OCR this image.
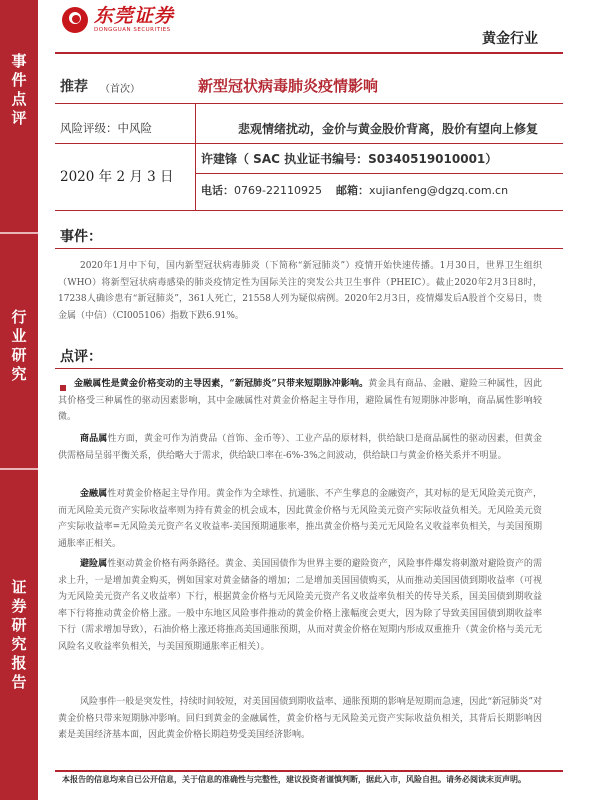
事
件
点
评
行
业
研
究
证
券
研
究
报
告
东莞证券
DONGGUAN SECURITIES
黄金行业
推荐 （首次）	新型冠状病毒肺炎疫情影响
风险评级：中风险	悲观情绪扰动，金价与黄金股价背离，股价有望向上修复
2020 年 2 月 3 日
许建锋（ SAC 执业证书编号：S0340519010001）
电话：0769-22110925 邮箱：xujianfeng@dgzq.com.cn
事件：
2020年1月中下旬，国内新型冠状病毒肺炎（下简称“新冠肺炎”）疫情开始快速传播。1月30日，世界卫生组织（WHO）将新型冠状病毒感染的肺炎疫情定性为国际关注的突发公共卫生事件（PHEIC）。截止2020年2月3日8时，17238人确诊患有“新冠肺炎”，361人死亡，21558人列为疑似病例。2020年2月3日，疫情爆发后A股首个交易日，贵金属（中信）（CI005106）指数下跌6.91%。
点评：
金融属性是黄金价格变动的主导因素，“新冠肺炎”只带来短期脉冲影响。黄金具有商品、金融、避险三种属性，因此其价格受三种属性的驱动因素影响，其中金融属性对黄金价格起主导作用，避险属性有短期脉冲影响，商品属性影响较微。
商品属性方面，黄金可作为消费品（首饰、金币等）、工业产品的原材料，供给缺口是商品属性的驱动因素，但黄金供需格局呈弱平衡关系，供给略大于需求，供给缺口率在-6%-3%之间波动，供给缺口与黄金价格关系并不明显。
金融属性对黄金价格起主导作用。黄金作为全球性、抗通胀、不产生孳息的金融资产，其对标的是无风险美元资产，而无风险美元资产实际收益率则为持有黄金的机会成本，因此黄金价格与无风险美元资产实际收益负相关。无风险美元资产实际收益率=无风险美元资产名义收益率-美国预期通胀率，推出黄金价格与美元无风险名义收益率负相关，与美国预期通胀率正相关。
避险属性驱动黄金价格有两条路径。黄金、美国国债作为世界主要的避险资产，风险事件爆发将刺激对避险资产的需求上升，一是增加黄金购买，例如国家对黄金储备的增加；二是增加美国国债购买，从而推动美国国债到期收益率（可视为无风险美元资产名义收益率）下行，根据黄金价格与无风险美元资产名义收益率负相关的传导关系，国美国债到期收益率下行将推动黄金价格上涨。一般中东地区风险事件推动的黄金价格上涨幅度会更大，因为除了导致美国国债到期收益率下行（需求增加导致），石油价格上涨还将推高美国通胀预期，从而对黄金价格在短期内形成双重推升（黄金价格与美元无风险名义收益率负相关，与美国预期通胀率正相关）。
风险事件一般是突发性，持续时间较短，对美国国债到期收益率、通胀预期的影响是短期而急速，因此“新冠肺炎”对黄金价格只带来短期脉冲影响。回归到黄金的金融属性，黄金价格与无风险美元资产实际收益负相关，其背后长期影响因素是美国经济基本面，因此黄金价格长期趋势受美国经济影响。
本报告的信息均来自已公开信息，关于信息的准确性与完整性，建议投资者谨慎判断，据此入市，风险自担。请务必阅读末页声明。
